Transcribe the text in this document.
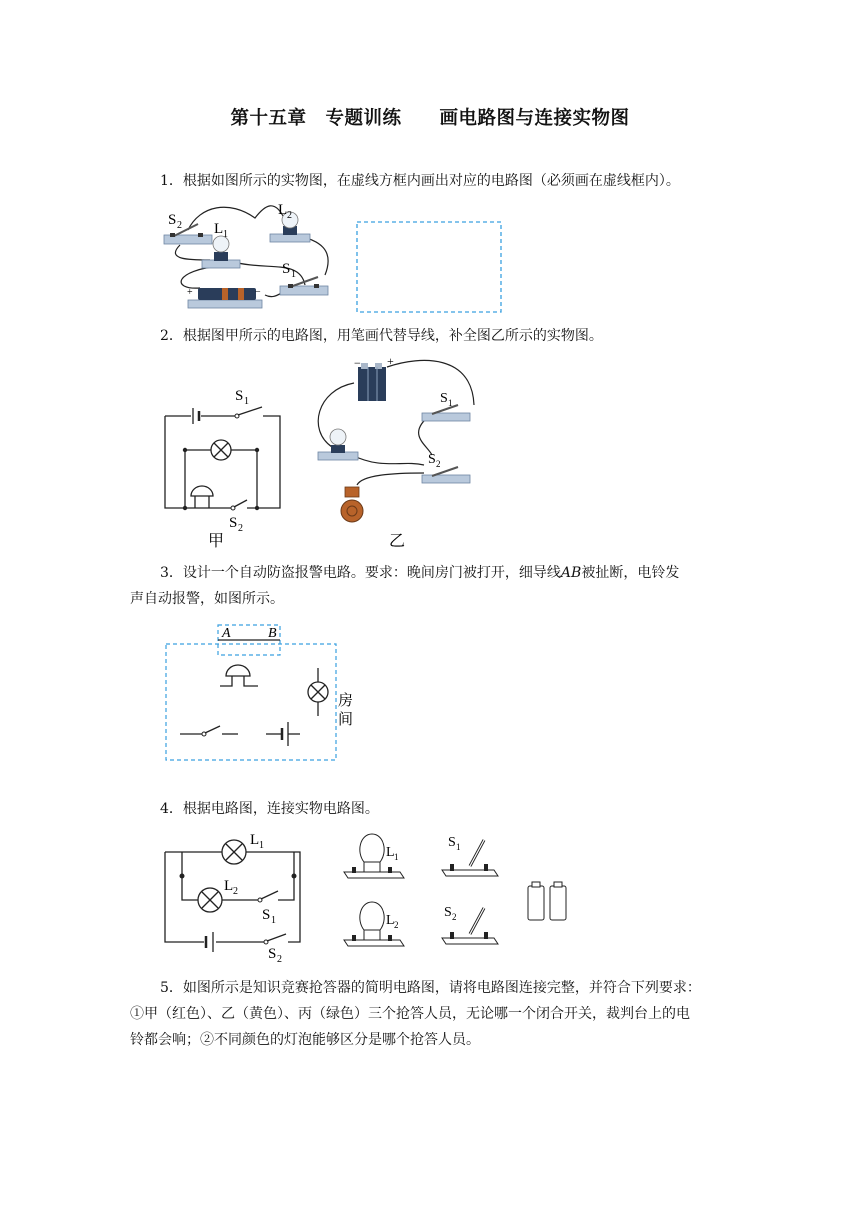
第十五章　专题训练　　画电路图与连接实物图
1．根据如图所示的实物图，在虚线方框内画出对应的电路图（必须画在虚线框内）。
S 2 L 1
L 2
S 1
+	−
2．根据图甲所示的电路图，用笔画代替导线，补全图乙所示的实物图。
S 1
S 2
甲
− +
S 1
S 2
乙
3．设计一个自动防盗报警电路。要求：晚间房门被打开，细导线AB被扯断，电铃发
声自动报警，如图所示。
A	B
房
间
4．根据电路图，连接实物电路图。
L 1
L 2
S 1
S 2
L 1
L 2
S 1
S 2
5．如图所示是知识竞赛抢答器的简明电路图，请将电路图连接完整，并符合下列要求：
①甲（红色）、乙（黄色）、丙（绿色）三个抢答人员，无论哪一个闭合开关，裁判台上的电
铃都会响；②不同颜色的灯泡能够区分是哪个抢答人员。
